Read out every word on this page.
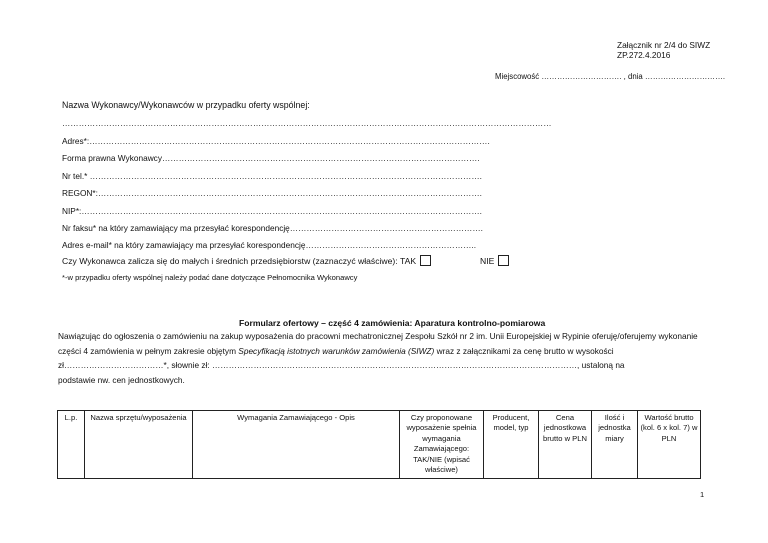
Załącznik nr 2/4 do SIWZ
ZP.272.4.2016
Miejscowość …………………………. , dnia ………………………….
Nazwa Wykonawcy/Wykonawców w przypadku oferty wspólnej:
……………………………………………………………………………………………………………………………………………………………
Adres*:……………………………………………………………………………………………………………………………….
Forma prawna Wykonawcy…………………………………………………………………………………………………….
Nr tel.* …………………………………………………………………………………………………………………………….
REGON*:………………………………………………………………………………………………………………………….
NIP*:……………………………………………………………………………………………………………………………….
Nr faksu* na który zamawiający ma przesyłać korespondencję…………………………………………………………….
Adres e-mail* na który zamawiający ma przesyłać korespondencję……………………………………………………..
Czy Wykonawca zalicza się do małych i średnich przedsiębiorstw (zaznaczyć właściwe): TAK	NIE
*-w przypadku oferty wspólnej należy podać dane dotyczące Pełnomocnika Wykonawcy
Formularz ofertowy – część 4 zamówienia: Aparatura kontrolno-pomiarowa
Nawiązując do ogłoszenia o zamówieniu na zakup wyposażenia do pracowni mechatronicznej Zespołu Szkół nr 2 im. Unii Europejskiej w Rypinie oferuję/oferujemy wykonanie
części 4 zamówienia w pełnym zakresie objętym Specyfikacją istotnych warunków zamówienia (SIWZ) wraz z załącznikami za cenę brutto w wysokości
zł………………………………*, słownie zł: ……………………………………………………………………………………………………………………, ustaloną na
podstawie nw. cen jednostkowych.
L.p.	Nazwa sprzętu/wyposażenia	Wymagania Zamawiającego - Opis	Czy proponowane wyposażenie spełnia wymagania Zamawiającego: TAK/NIE (wpisać właściwe)	Producent, model, typ	Cena jednostkowa brutto w PLN	Ilość i jednostka miary	Wartość brutto (kol. 6 x kol. 7) w PLN
1
